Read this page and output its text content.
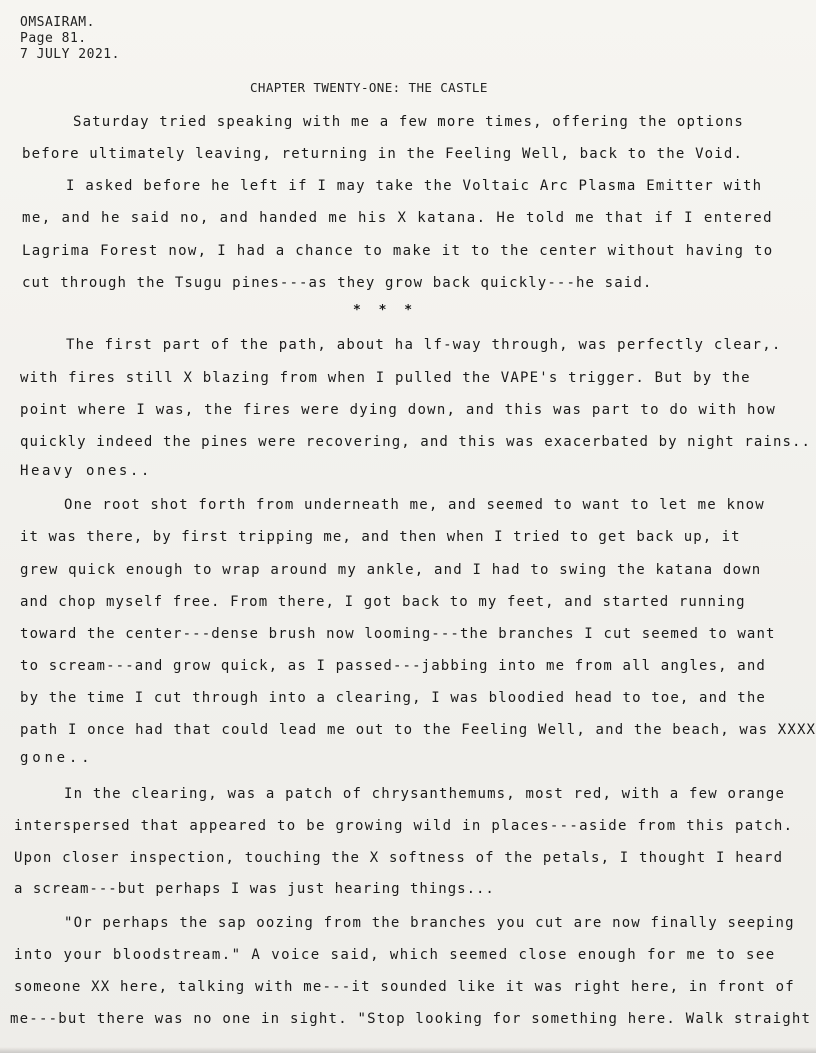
OMSAIRAM.
Page 81.
7 JULY 2021.
CHAPTER TWENTY-ONE: THE CASTLE
Saturday tried speaking with me a few more times, offering the options
before ultimately leaving, returning in the Feeling Well, back to the Void.
I asked before he left if I may take the Voltaic Arc Plasma Emitter with
me, and he said no, and handed me his X katana. He told me that if I entered
Lagrima Forest now, I had a chance to make it to the center without having to
cut through the Tsugu pines---as they grow back quickly---he said.
* * *
The first part of the path, about ha lf-way through, was perfectly clear,.
with fires still X blazing from when I pulled the VAPE's trigger. But by the
point where I was, the fires were dying down, and this was part to do with how
quickly indeed the pines were recovering, and this was exacerbated by night rains..
Heavy ones..
One root shot forth from underneath me, and seemed to want to let me know
it was there, by first tripping me, and then when I tried to get back up, it
grew quick enough to wrap around my ankle, and I had to swing the katana down
and chop myself free. From there, I got back to my feet, and started running
toward the center---dense brush now looming---the branches I cut seemed to want
to scream---and grow quick, as I passed---jabbing into me from all angles, and
by the time I cut through into a clearing, I was bloodied head to toe, and the
path I once had that could lead me out to the Feeling Well, and the beach, was XXXX
gone..
In the clearing, was a patch of chrysanthemums, most red, with a few orange
interspersed that appeared to be growing wild in places---aside from this patch.
Upon closer inspection, touching the X softness of the petals, I thought I heard
a scream---but perhaps I was just hearing things...
"Or perhaps the sap oozing from the branches you cut are now finally seeping
into your bloodstream." A voice said, which seemed close enough for me to see
someone XX here, talking with me---it sounded like it was right here, in front of
me---but there was no one in sight. "Stop looking for something here. Walk straight
